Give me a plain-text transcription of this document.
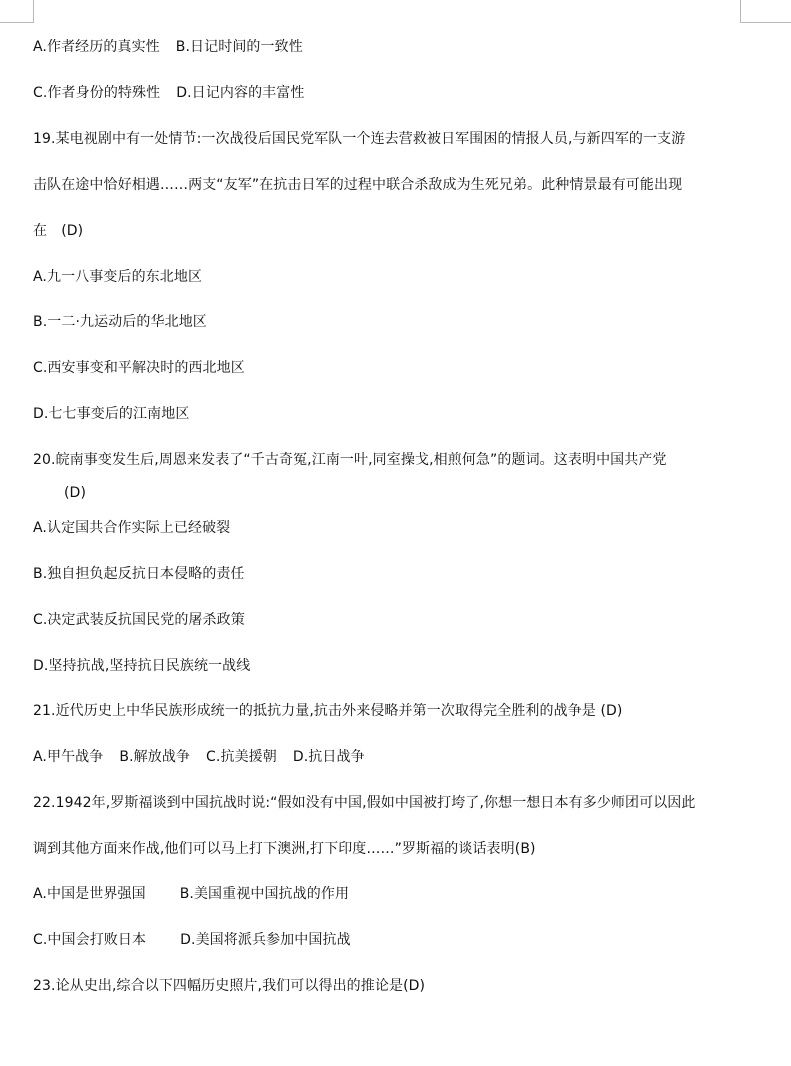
A.作者经历的真实性 B.日记时间的一致性
C.作者身份的特殊性 D.日记内容的丰富性
19.某电视剧中有一处情节:一次战役后国民党军队一个连去营救被日军围困的情报人员,与新四军的一支游
击队在途中恰好相遇……两支“友军”在抗击日军的过程中联合杀敌成为生死兄弟。此种情景最有可能出现
在　(D)
A.九一八事变后的东北地区
B.一二·九运动后的华北地区
C.西安事变和平解决时的西北地区
D.七七事变后的江南地区
20.皖南事变发生后,周恩来发表了“千古奇冤,江南一叶,同室操戈,相煎何急”的题词。这表明中国共产党
(D)
A.认定国共合作实际上已经破裂
B.独自担负起反抗日本侵略的责任
C.决定武装反抗国民党的屠杀政策
D.坚持抗战,坚持抗日民族统一战线
21.近代历史上中华民族形成统一的抵抗力量,抗击外来侵略并第一次取得完全胜利的战争是 (D)
A.甲午战争 B.解放战争 C.抗美援朝 D.抗日战争
22.1942年,罗斯福谈到中国抗战时说:“假如没有中国,假如中国被打垮了,你想一想日本有多少师团可以因此
调到其他方面来作战,他们可以马上打下澳洲,打下印度……”罗斯福的谈话表明(B)
A.中国是世界强国 B.美国重视中国抗战的作用
C.中国会打败日本 D.美国将派兵参加中国抗战
23.论从史出,综合以下四幅历史照片,我们可以得出的推论是(D)
